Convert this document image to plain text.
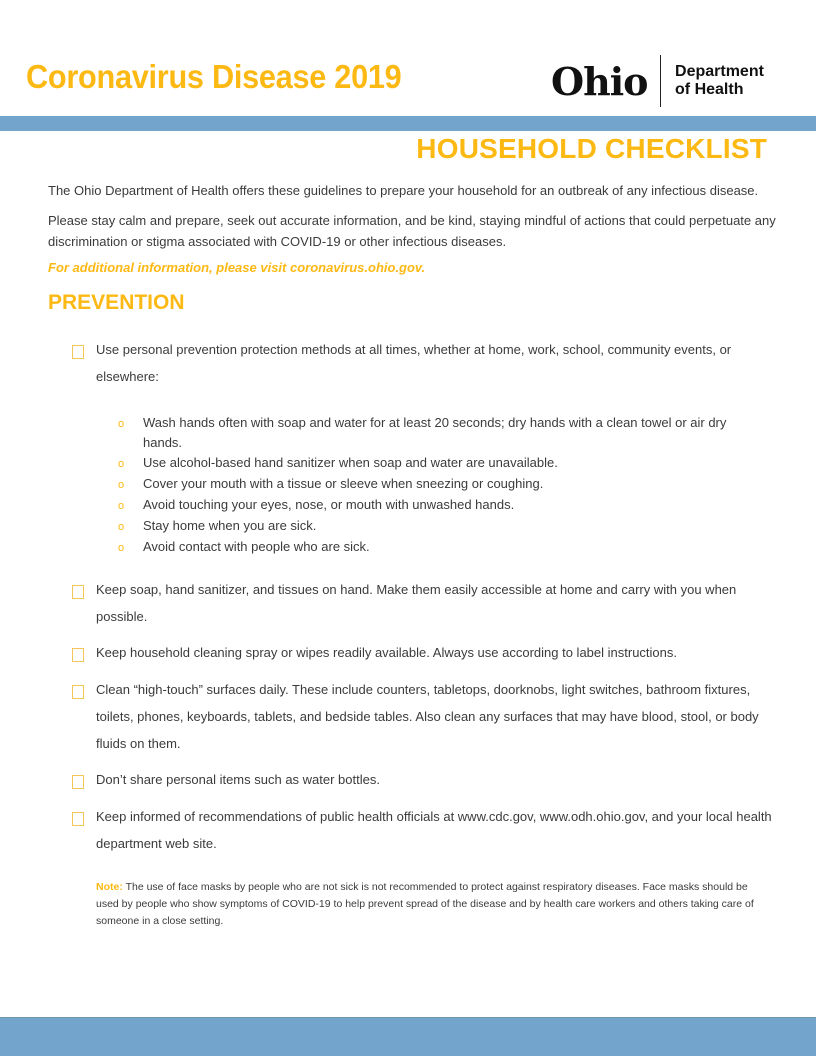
Coronavirus Disease 2019	Ohio Department
of Health
HOUSEHOLD CHECKLIST

The Ohio Department of Health offers these guidelines to prepare your household for an outbreak of any infectious disease.

Please stay calm and prepare, seek out accurate information, and be kind, staying mindful of actions that could perpetuate any discrimination or stigma associated with COVID-19 or other infectious diseases.

For additional information, please visit coronavirus.ohio.gov.

PREVENTION
Use personal prevention protection methods at all times, whether at home, work, school, community events, or elsewhere:
o	Wash hands often with soap and water for at least 20 seconds; dry hands with a clean towel or air dry hands.
o	Use alcohol-based hand sanitizer when soap and water are unavailable.
o	Cover your mouth with a tissue or sleeve when sneezing or coughing.
o	Avoid touching your eyes, nose, or mouth with unwashed hands.
o	Stay home when you are sick.
o	Avoid contact with people who are sick.
Keep soap, hand sanitizer, and tissues on hand. Make them easily accessible at home and carry with you when possible.
Keep household cleaning spray or wipes readily available. Always use according to label instructions.
Clean “high-touch” surfaces daily. These include counters, tabletops, doorknobs, light switches, bathroom fixtures, toilets, phones, keyboards, tablets, and bedside tables. Also clean any surfaces that may have blood, stool, or body fluids on them.
Don’t share personal items such as water bottles.
Keep informed of recommendations of public health officials at www.cdc.gov, www.odh.ohio.gov, and your local health department web site.

Note: The use of face masks by people who are not sick is not recommended to protect against respiratory diseases. Face masks should be used by people who show symptoms of COVID-19 to help prevent spread of the disease and by health care workers and others taking care of someone in a close setting.
